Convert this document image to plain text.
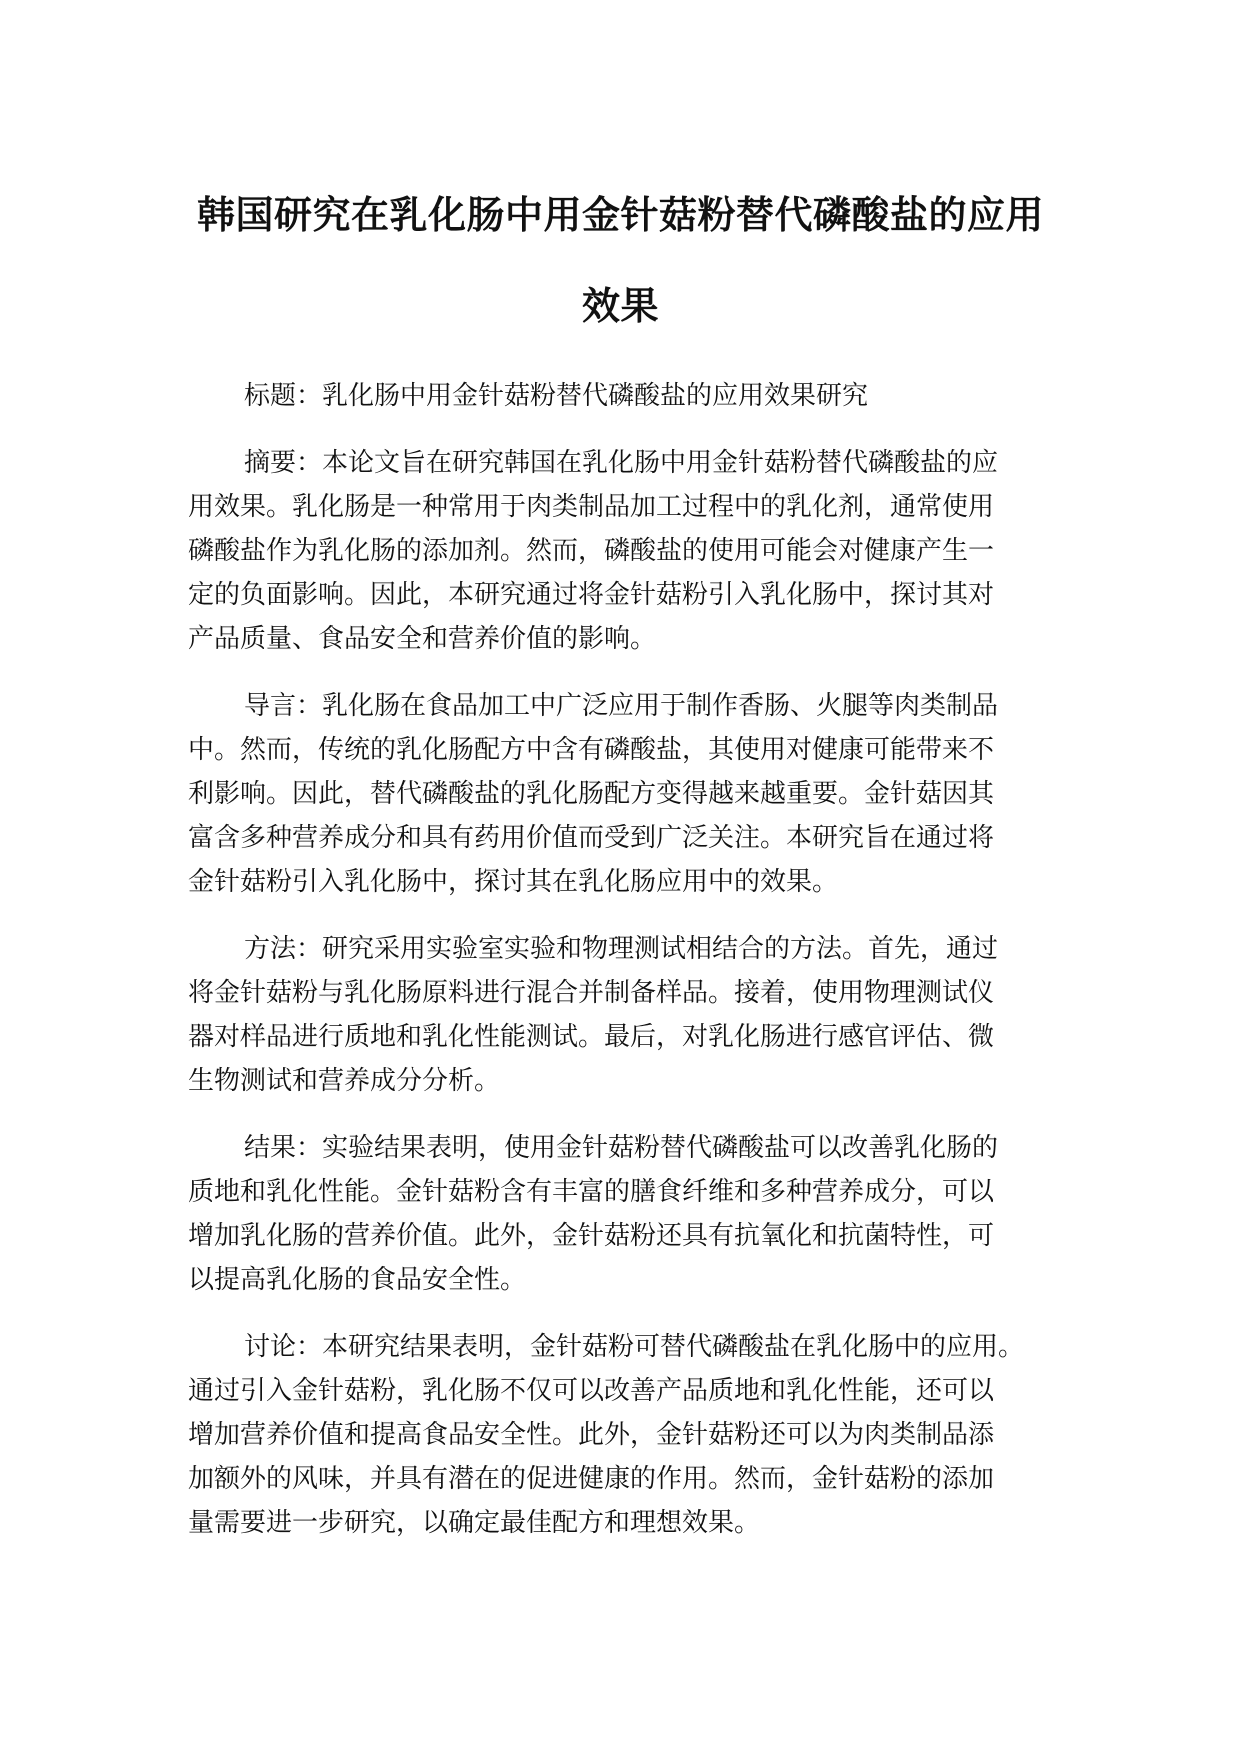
韩国研究在乳化肠中用金针菇粉替代磷酸盐的应用
效果

标题：乳化肠中用金针菇粉替代磷酸盐的应用效果研究

摘要：本论文旨在研究韩国在乳化肠中用金针菇粉替代磷酸盐的应
用效果。乳化肠是一种常用于肉类制品加工过程中的乳化剂，通常使用
磷酸盐作为乳化肠的添加剂。然而，磷酸盐的使用可能会对健康产生一
定的负面影响。因此，本研究通过将金针菇粉引入乳化肠中，探讨其对
产品质量、食品安全和营养价值的影响。

导言：乳化肠在食品加工中广泛应用于制作香肠、火腿等肉类制品
中。然而，传统的乳化肠配方中含有磷酸盐，其使用对健康可能带来不
利影响。因此，替代磷酸盐的乳化肠配方变得越来越重要。金针菇因其
富含多种营养成分和具有药用价值而受到广泛关注。本研究旨在通过将
金针菇粉引入乳化肠中，探讨其在乳化肠应用中的效果。

方法：研究采用实验室实验和物理测试相结合的方法。首先，通过
将金针菇粉与乳化肠原料进行混合并制备样品。接着，使用物理测试仪
器对样品进行质地和乳化性能测试。最后，对乳化肠进行感官评估、微
生物测试和营养成分分析。

结果：实验结果表明，使用金针菇粉替代磷酸盐可以改善乳化肠的
质地和乳化性能。金针菇粉含有丰富的膳食纤维和多种营养成分，可以
增加乳化肠的营养价值。此外，金针菇粉还具有抗氧化和抗菌特性，可
以提高乳化肠的食品安全性。

讨论：本研究结果表明，金针菇粉可替代磷酸盐在乳化肠中的应用。
通过引入金针菇粉，乳化肠不仅可以改善产品质地和乳化性能，还可以
增加营养价值和提高食品安全性。此外，金针菇粉还可以为肉类制品添
加额外的风味，并具有潜在的促进健康的作用。然而，金针菇粉的添加
量需要进一步研究，以确定最佳配方和理想效果。
